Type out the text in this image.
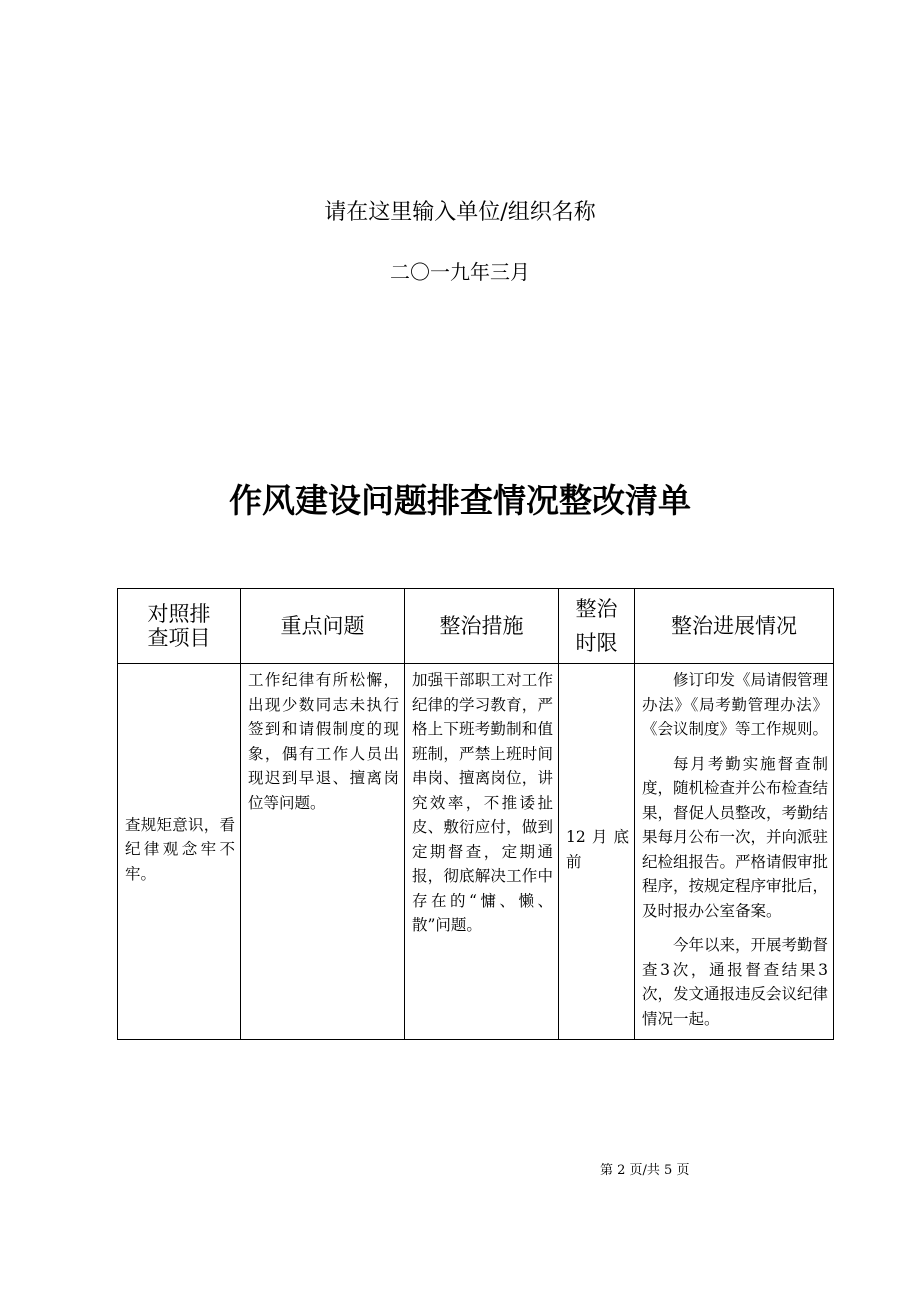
请在这里输入单位/组织名称
二〇一九年三月
作风建设问题排查情况整改清单
对照排查项目	重点问题	整治措施	整治时限	整治进展情况
查规矩意识，看纪律观念牢不牢。	工作纪律有所松懈，出现少数同志未执行签到和请假制度的现象，偶有工作人员出现迟到早退、擅离岗位等问题。	加强干部职工对工作纪律的学习教育，严格上下班考勤制和值班制，严禁上班时间串岗、擅离岗位，讲究效率，不推诿扯皮、敷衍应付，做到定期督查，定期通报，彻底解决工作中存在的“慵、懒、散”问题。	12月底前	修订印发《局请假管理办法》《局考勤管理办法》《会议制度》等工作规则。

每月考勤实施督查制度，随机检查并公布检查结果，督促人员整改，考勤结果每月公布一次，并向派驻纪检组报告。严格请假审批程序，按规定程序审批后，及时报办公室备案。

今年以来，开展考勤督查3次，通报督查结果3次，发文通报违反会议纪律情况一起。

第 2 页/共 5 页
